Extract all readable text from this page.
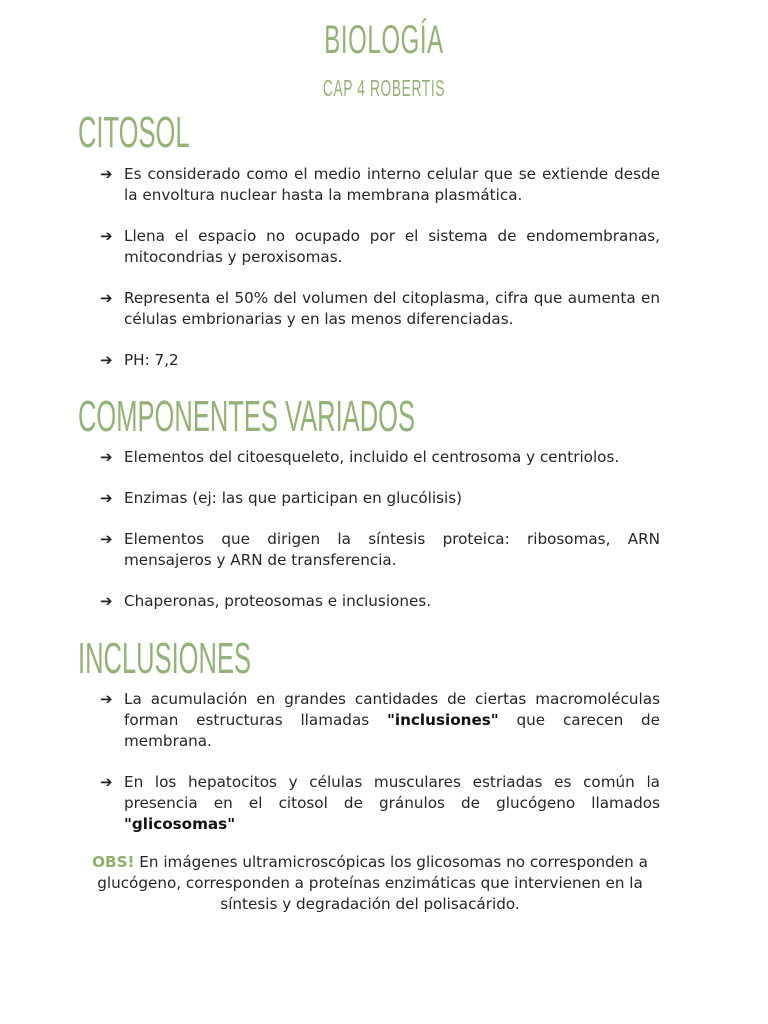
BIOLOGÍA
CAP 4 ROBERTIS
CITOSOL
➔ Es considerado como el medio interno celular que se extiende desde la envoltura nuclear hasta la membrana plasmática.
➔ Llena el espacio no ocupado por el sistema de endomembranas, mitocondrias y peroxisomas.
➔ Representa el 50% del volumen del citoplasma, cifra que aumenta en células embrionarias y en las menos diferenciadas.
➔ PH: 7,2
COMPONENTES VARIADOS
➔ Elementos del citoesqueleto, incluido el centrosoma y centriolos.
➔ Enzimas (ej: las que participan en glucólisis)
➔ Elementos que dirigen la síntesis proteica: ribosomas, ARN mensajeros y ARN de transferencia.
➔ Chaperonas, proteosomas e inclusiones.
INCLUSIONES
➔ La acumulación en grandes cantidades de ciertas macromoléculas forman estructuras llamadas "inclusiones" que carecen de membrana.
➔ En los hepatocitos y células musculares estriadas es común la presencia en el citosol de gránulos de glucógeno llamados "glicosomas"
OBS! En imágenes ultramicroscópicas los glicosomas no corresponden a glucógeno, corresponden a proteínas enzimáticas que intervienen en la síntesis y degradación del polisacárido.
